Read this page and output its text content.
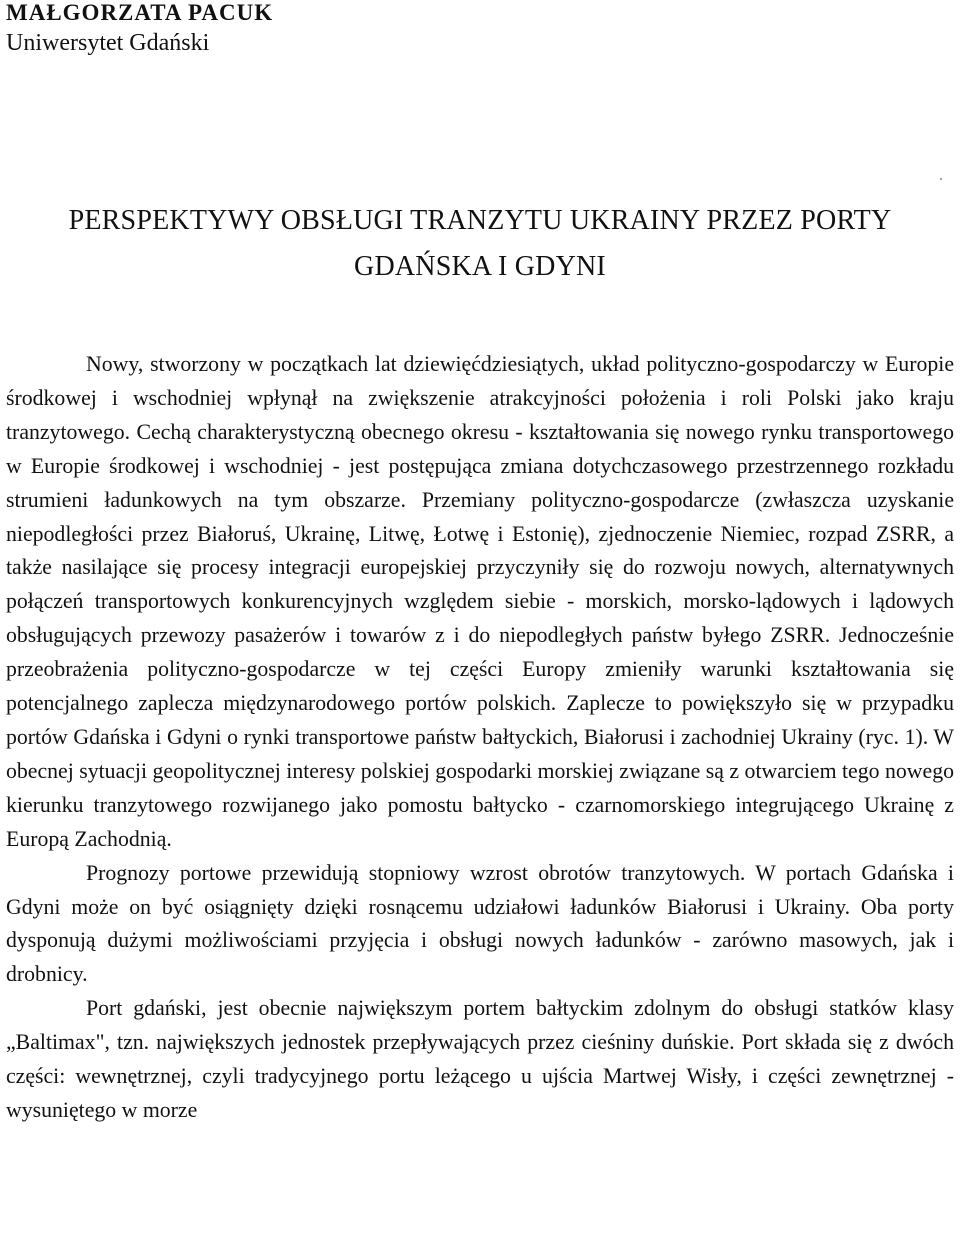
MAŁGORZATA PACUK

Uniwersytet Gdański

PERSPEKTYWY OBSŁUGI TRANZYTU UKRAINY PRZEZ PORTY

GDAŃSKA I GDYNI

Nowy, stworzony w początkach lat dziewięćdziesiątych, układ polityczno-gospodarczy w Europie środkowej i wschodniej wpłynął na zwiększenie atrakcyjności położenia i roli Polski jako kraju tranzytowego. Cechą charakterystyczną obecnego okresu - kształtowania się nowego rynku transportowego w Europie środkowej i wschodniej - jest postępująca zmiana dotychczasowego przestrzennego rozkładu strumieni ładunkowych na tym obszarze. Przemiany polityczno-gospodarcze (zwłaszcza uzyskanie niepodległości przez Białoruś, Ukrainę, Litwę, Łotwę i Estonię), zjednoczenie Niemiec, rozpad ZSRR, a także nasilające się procesy integracji europejskiej przyczyniły się do rozwoju nowych, alternatywnych połączeń transportowych konkurencyjnych względem siebie - morskich, morsko-lądowych i lądowych obsługujących przewozy pasażerów i towarów z i do niepodległych państw byłego ZSRR. Jednocześnie przeobrażenia polityczno-gospodarcze w tej części Europy zmieniły warunki kształtowania się potencjalnego zaplecza międzynarodowego portów polskich. Zaplecze to powiększyło się w przypadku portów Gdańska i Gdyni o rynki transportowe państw bałtyckich, Białorusi i zachodniej Ukrainy (ryc. 1). W obecnej sytuacji geopolitycznej interesy polskiej gospodarki morskiej związane są z otwarciem tego nowego kierunku tranzytowego rozwijanego jako pomostu bałtycko - czarnomorskiego integrującego Ukrainę z Europą Zachodnią.

Prognozy portowe przewidują stopniowy wzrost obrotów tranzytowych. W portach Gdańska i Gdyni może on być osiągnięty dzięki rosnącemu udziałowi ładunków Białorusi i Ukrainy. Oba porty dysponują dużymi możliwościami przyjęcia i obsługi nowych ładunków - zarówno masowych, jak i drobnicy.

Port gdański, jest obecnie największym portem bałtyckim zdolnym do obsługi statków klasy „Baltimax", tzn. największych jednostek przepływających przez cieśniny duńskie. Port składa się z dwóch części: wewnętrznej, czyli tradycyjnego portu leżącego u ujścia Martwej Wisły, i części zewnętrznej - wysuniętego w morze
